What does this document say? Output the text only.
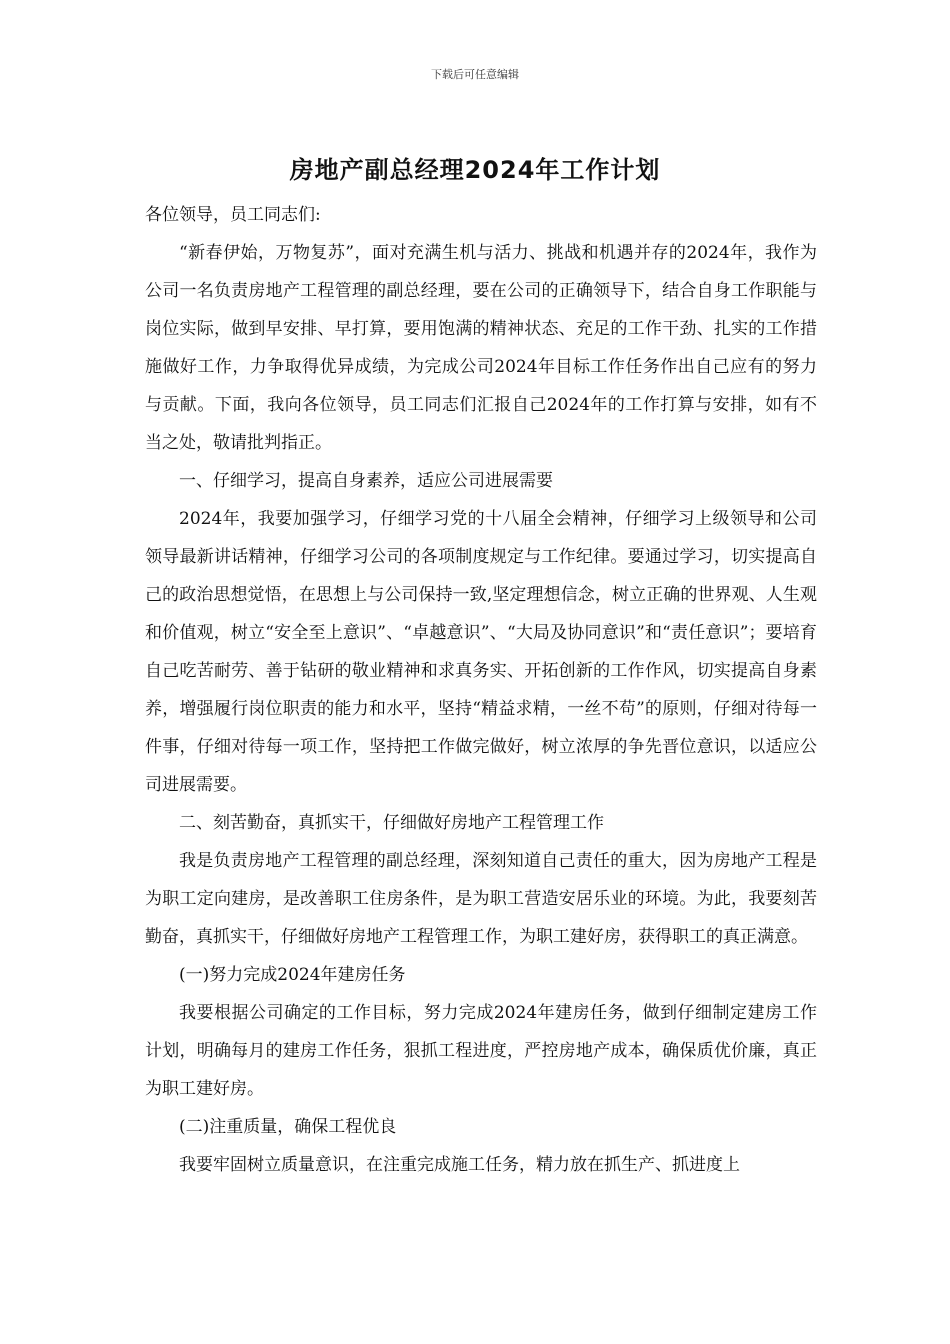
下载后可任意编辑
房地产副总经理2024年工作计划

各位领导，员工同志们:

“新春伊始，万物复苏”，面对充满生机与活力、挑战和机遇并存的2024年，我作为公司一名负责房地产工程管理的副总经理，要在公司的正确领导下，结合自身工作职能与岗位实际，做到早安排、早打算，要用饱满的精神状态、充足的工作干劲、扎实的工作措施做好工作，力争取得优异成绩，为完成公司2024年目标工作任务作出自己应有的努力与贡献。下面，我向各位领导，员工同志们汇报自己2024年的工作打算与安排，如有不当之处，敬请批判指正。

一、仔细学习，提高自身素养，适应公司进展需要

2024年，我要加强学习，仔细学习党的十八届全会精神，仔细学习上级领导和公司领导最新讲话精神，仔细学习公司的各项制度规定与工作纪律。要通过学习，切实提高自己的政治思想觉悟，在思想上与公司保持一致,坚定理想信念，树立正确的世界观、人生观和价值观，树立“安全至上意识”、“卓越意识”、“大局及协同意识”和“责任意识”；要培育自己吃苦耐劳、善于钻研的敬业精神和求真务实、开拓创新的工作作风，切实提高自身素养，增强履行岗位职责的能力和水平，坚持“精益求精，一丝不苟”的原则，仔细对待每一件事，仔细对待每一项工作，坚持把工作做完做好，树立浓厚的争先晋位意识，以适应公司进展需要。

二、刻苦勤奋，真抓实干，仔细做好房地产工程管理工作

我是负责房地产工程管理的副总经理，深刻知道自己责任的重大，因为房地产工程是为职工定向建房，是改善职工住房条件，是为职工营造安居乐业的环境。为此，我要刻苦勤奋，真抓实干，仔细做好房地产工程管理工作，为职工建好房，获得职工的真正满意。

(一)努力完成2024年建房任务

我要根据公司确定的工作目标，努力完成2024年建房任务，做到仔细制定建房工作计划，明确每月的建房工作任务，狠抓工程进度，严控房地产成本，确保质优价廉，真正为职工建好房。

(二)注重质量，确保工程优良

我要牢固树立质量意识，在注重完成施工任务，精力放在抓生产、抓进度上
